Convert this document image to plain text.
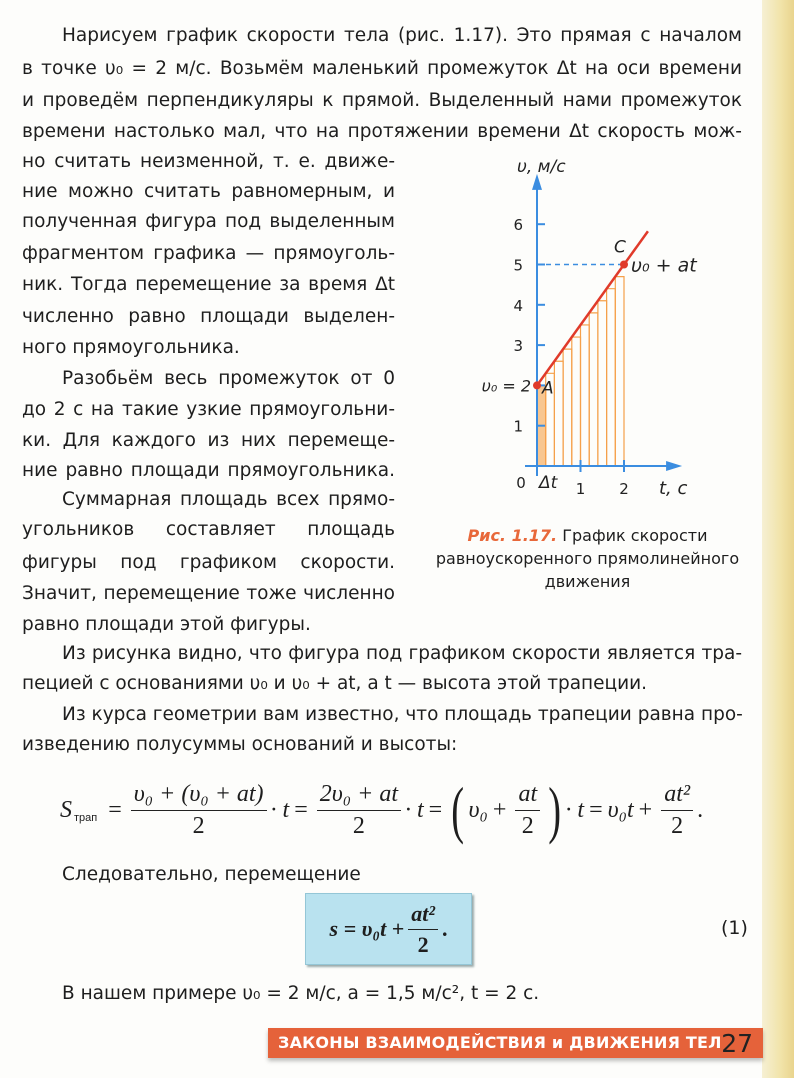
Нарисуем график скорости тела (рис. 1.17). Это прямая с началом
в точке υ₀ = 2 м/с. Возьмём маленький промежуток Δt на оси времени
и проведём перпендикуляры к прямой. Выделенный нами промежуток
времени настолько мал, что на протяжении времени Δt скорость мож-
но считать неизменной, т. е. движе-
ние можно считать равномерным, и
полученная фигура под выделенным
фрагментом графика — прямоуголь-
ник. Тогда перемещение за время Δt
численно равно площади выделен-
ного прямоугольника.
Разобьём весь промежуток от 0
до 2 с на такие узкие прямоугольни-
ки. Для каждого из них перемеще-
ние равно площади прямоугольника.
Суммарная площадь всех прямо-
угольников составляет площадь
фигуры под графиком скорости.
Значит, перемещение тоже численно
равно площади этой фигуры.
Из рисунка видно, что фигура под графиком скорости является тра-
пецией с основаниями υ₀ и υ₀ + at, а t — высота этой трапеции.
Из курса геометрии вам известно, что площадь трапеции равна про-
изведению полусуммы оснований и высоты:
Следовательно, перемещение
В нашем примере υ₀ = 2 м/с, a = 1,5 м/с², t = 2 с.
1
3
4
5
6
1 2
0 Δt
υ, м/с
t, с
A
υ₀ = 2
C
υ₀ + at
Рис. 1.17. График скорости равноускоренного прямолинейного движения
S трап = $\frac{\text{υ₀ + (υ₀ + at)}}{2} \cdot t = \frac{\text{2υ₀ + at}}{2} \cdot t$ = ( $\upsilon_0 + \frac{at}{2}$ ) · $t = \upsilon_0t + \frac{\text{at²}}{2}$ .
$s = \upsilon_0t + \frac{\text{at²}}{2}$ .	(1)
ЗАКОНЫ ВЗАИМОДЕЙСТВИЯ и ДВИЖЕНИЯ ТЕЛ 27
